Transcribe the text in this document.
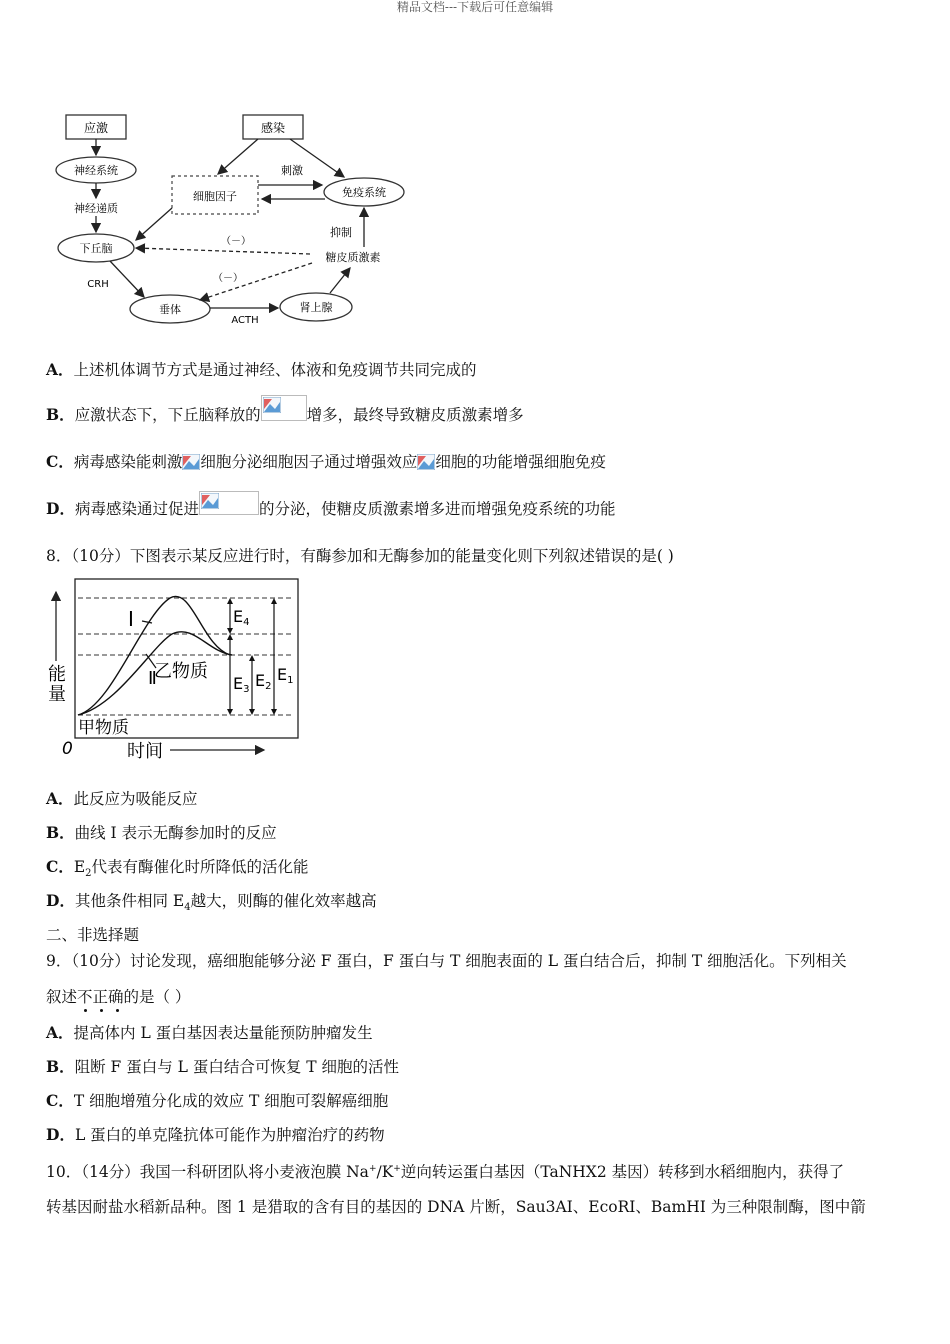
精品文档---下载后可任意编辑
应激	感染
神经系统
神经递质
细胞因子
刺激
免疫系统
下丘脑
（－）
抑制
（－）
糖皮质激素
CRH
垂体	肾上腺
ACTH
A．上述机体调节方式是通过神经、体液和免疫调节共同完成的
B．应激状态下，下丘脑释放的	增多，最终导致糖皮质激素增多
C．病毒感染能刺激 细胞分泌细胞因子通过增强效应 细胞的功能增强细胞免疫
D．病毒感染通过促进	的分泌，使糖皮质激素增多进而增强免疫系统的功能
8．（10分）下图表示某反应进行时，有酶参加和无酶参加的能量变化则下列叙述错误的是( )
能
量
0	时间
I
Ⅱ
乙物质
甲物质
E4
E3 E2
E1
A．此反应为吸能反应
B．曲线 I 表示无酶参加时的反应
C．$E_2$代表有酶催化时所降低的活化能
D．其他条件相同 $E_4$越大，则酶的催化效率越高
二、非选择题
9．（10分）讨论发现，癌细胞能够分泌 F 蛋白，F 蛋白与 T 细胞表面的 L 蛋白结合后，抑制 T 细胞活化。下列相关
叙述不正确的是（ ）
A．提高体内 L 蛋白基因表达量能预防肿瘤发生
B．阻断 F 蛋白与 L 蛋白结合可恢复 T 细胞的活性
C．T 细胞增殖分化成的效应 T 细胞可裂解癌细胞
D．L 蛋白的单克隆抗体可能作为肿瘤治疗的药物
10．（14分）我国一科研团队将小麦液泡膜 Na+/K+逆向转运蛋白基因（TaNHX2 基因）转移到水稻细胞内，获得了
转基因耐盐水稻新品种。图 1 是猎取的含有目的基因的 DNA 片断，Sau3AI、EcoRI、BamHI 为三种限制酶，图中箭
